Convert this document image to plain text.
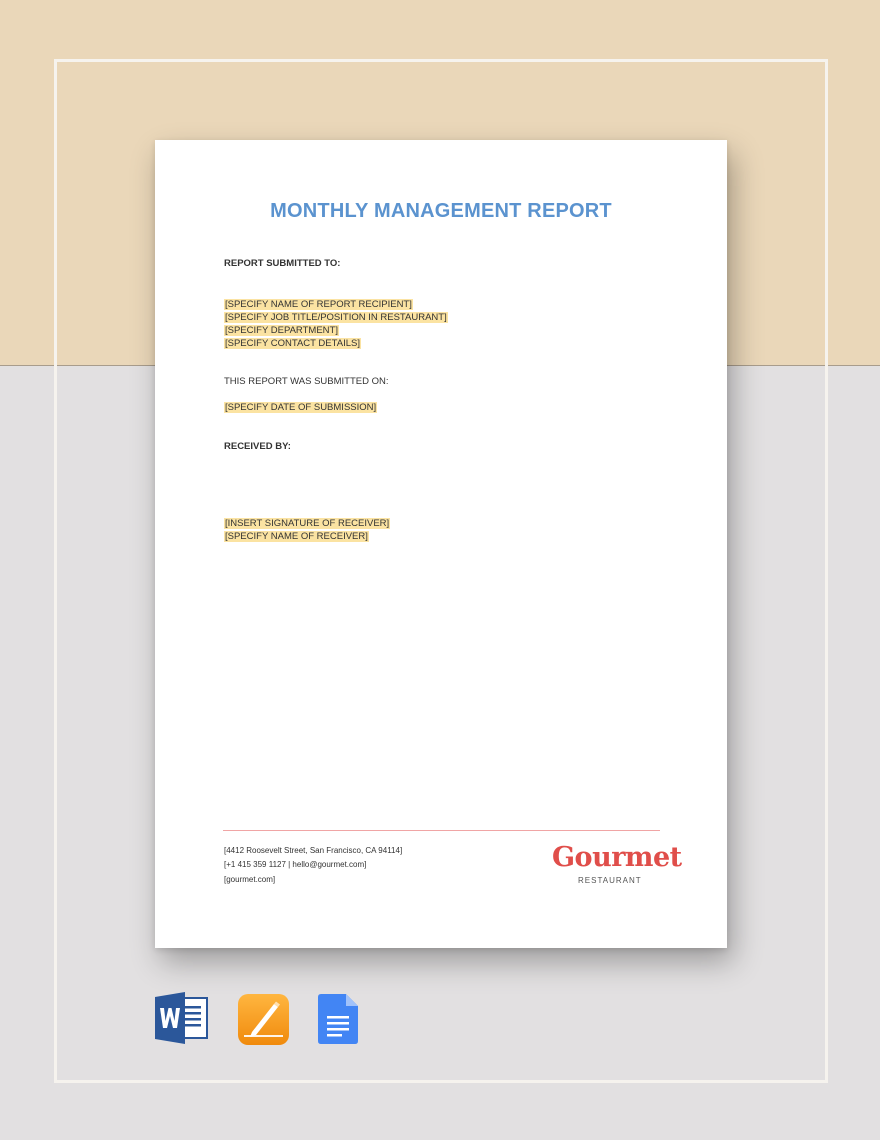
MONTHLY MANAGEMENT REPORT
REPORT SUBMITTED TO:
[SPECIFY NAME OF REPORT RECIPIENT]
[SPECIFY JOB TITLE/POSITION IN RESTAURANT]
[SPECIFY DEPARTMENT]
[SPECIFY CONTACT DETAILS]
THIS REPORT WAS SUBMITTED ON:
[SPECIFY DATE OF SUBMISSION]
RECEIVED BY:
[INSERT SIGNATURE OF RECEIVER]
[SPECIFY NAME OF RECEIVER]
[4412 Roosevelt Street, San Francisco, CA 94114]
[+1 415 359 1127 | hello@gourmet.com]
[gourmet.com]
Gourmet
RESTAURANT
